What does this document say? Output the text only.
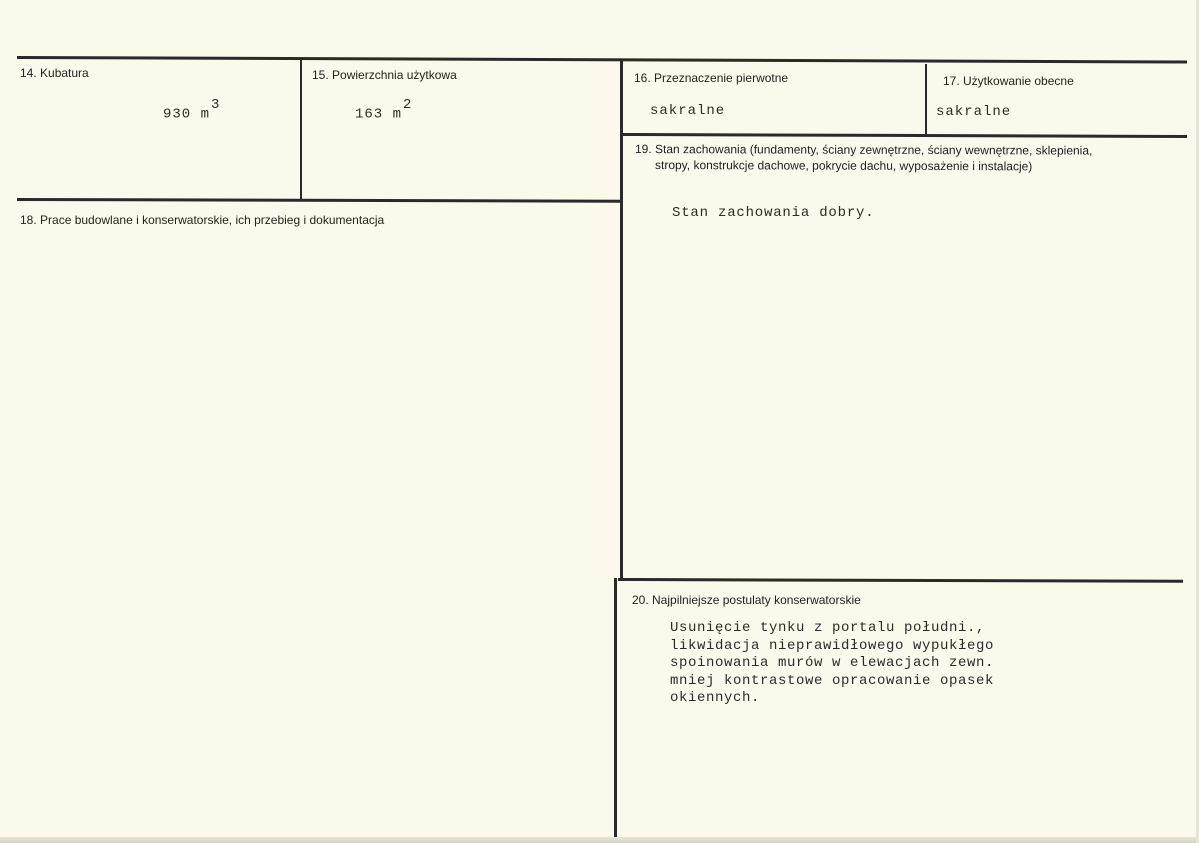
14. Kubatura
930 $m^3$
15. Powierzchnia użytkowa
163 $m^2$
16. Przeznaczenie pierwotne
sakralne
17. Użytkowanie obecne
sakralne
18. Prace budowlane i konserwatorskie, ich przebieg i dokumentacja
19. Stan zachowania (fundamenty, ściany zewnętrzne, ściany wewnętrzne, sklepienia,
stropy, konstrukcje dachowe, pokrycie dachu, wyposażenie i instalacje)
Stan zachowania dobry.
20. Najpilniejsze postulaty konserwatorskie
Usunięcie tynku z portalu południ.,
likwidacja nieprawidłowego wypukłego
spoinowania murów w elewacjach zewn.
mniej kontrastowe opracowanie opasek
okiennych.
